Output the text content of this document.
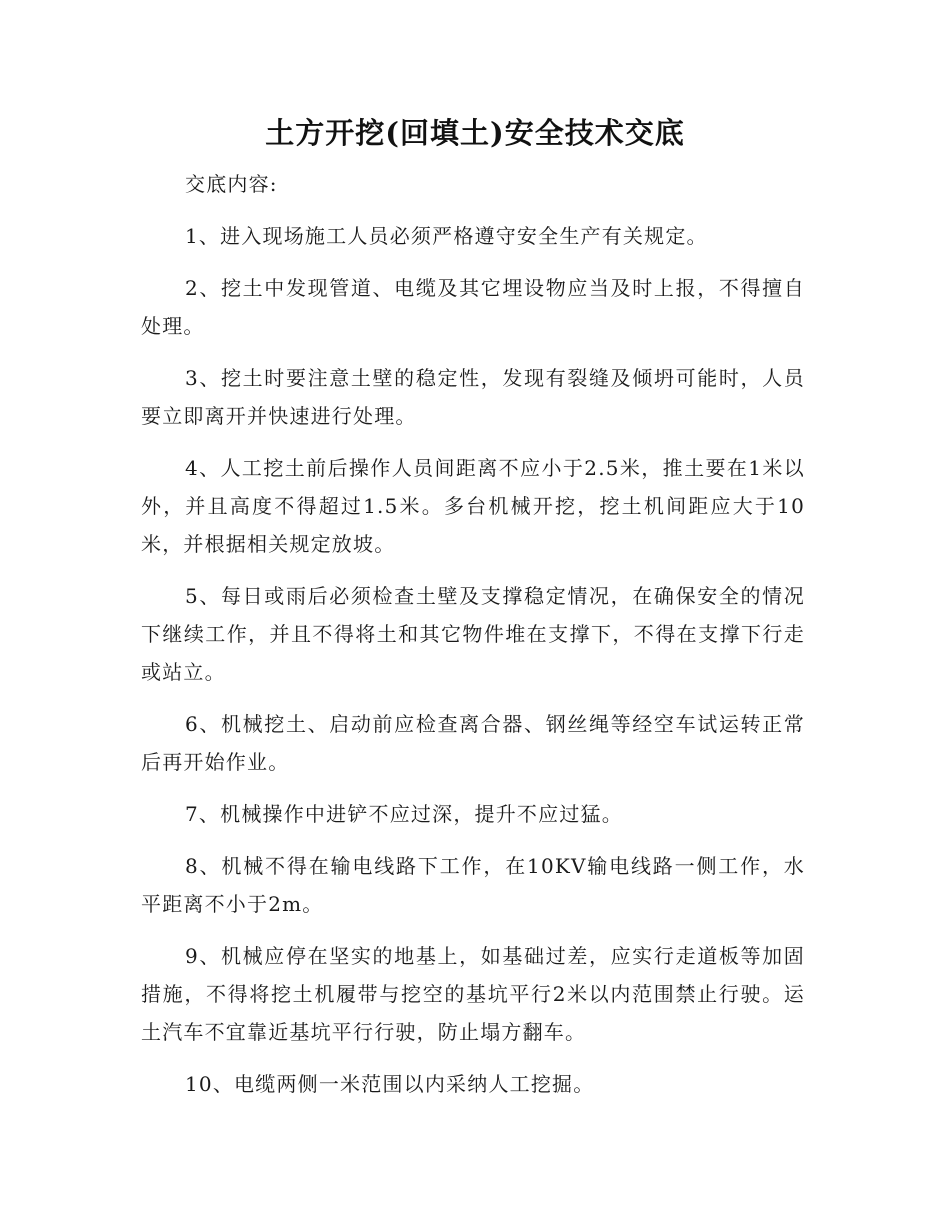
土方开挖(回填土)安全技术交底

交底内容:

1、进入现场施工人员必须严格遵守安全生产有关规定。

2、挖土中发现管道、电缆及其它埋设物应当及时上报，不得擅自处理。

3、挖土时要注意土壁的稳定性，发现有裂缝及倾坍可能时，人员要立即离开并快速进行处理。

4、人工挖土前后操作人员间距离不应小于2.5米，推土要在1米以外，并且高度不得超过1.5米。多台机械开挖，挖土机间距应大于10 米，并根据相关规定放坡。

5、每日或雨后必须检查土壁及支撑稳定情况，在确保安全的情况下继续工作，并且不得将土和其它物件堆在支撑下，不得在支撑下行走或站立。

6、机械挖土、启动前应检查离合器、钢丝绳等经空车试运转正常后再开始作业。

7、机械操作中进铲不应过深，提升不应过猛。

8、机械不得在输电线路下工作，在10KV输电线路一侧工作，水平距离不小于2m。

9、机械应停在坚实的地基上，如基础过差，应实行走道板等加固措施，不得将挖土机履带与挖空的基坑平行2米以内范围禁止行驶。运土汽车不宜靠近基坑平行行驶，防止塌方翻车。

10、电缆两侧一米范围以内采纳人工挖掘。
